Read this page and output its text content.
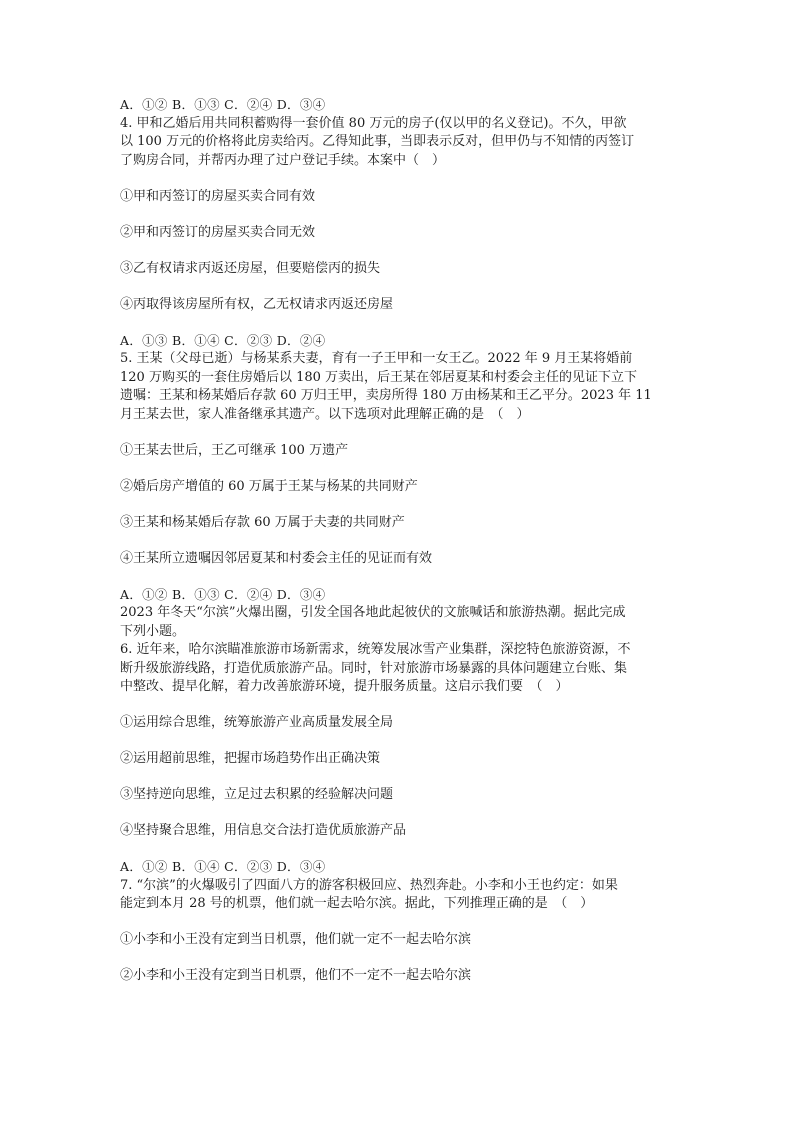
A．①② B．①③ C．②④ D．③④

4. 甲和乙婚后用共同积蓄购得一套价值 80 万元的房子(仅以甲的名义登记)。不久，甲欲

以 100 万元的价格将此房卖给丙。乙得知此事，当即表示反对，但甲仍与不知情的丙签订

了购房合同，并帮丙办理了过户登记手续。本案中（　）

①甲和丙签订的房屋买卖合同有效

②甲和丙签订的房屋买卖合同无效

③乙有权请求丙返还房屋，但要赔偿丙的损失

④丙取得该房屋所有权，乙无权请求丙返还房屋

A．①③ B．①④ C．②③ D．②④

5. 王某（父母已逝）与杨某系夫妻，育有一子王甲和一女王乙。2022 年 9 月王某将婚前

120 万购买的一套住房婚后以 180 万卖出，后王某在邻居夏某和村委会主任的见证下立下

遗嘱：王某和杨某婚后存款 60 万归王甲，卖房所得 180 万由杨某和王乙平分。2023 年 11

月王某去世，家人准备继承其遗产。以下选项对此理解正确的是　（　）

①王某去世后，王乙可继承 100 万遗产

②婚后房产增值的 60 万属于王某与杨某的共同财产

③王某和杨某婚后存款 60 万属于夫妻的共同财产

④王某所立遗嘱因邻居夏某和村委会主任的见证而有效

A．①② B．①③ C．②④ D．③④

2023 年冬天“尔滨”火爆出圈，引发全国各地此起彼伏的文旅喊话和旅游热潮。据此完成

下列小题。

6. 近年来，哈尔滨瞄准旅游市场新需求，统筹发展冰雪产业集群，深挖特色旅游资源，不

断升级旅游线路，打造优质旅游产品。同时，针对旅游市场暴露的具体问题建立台账、集

中整改、提早化解，着力改善旅游环境，提升服务质量。这启示我们要　（　）

①运用综合思维，统筹旅游产业高质量发展全局

②运用超前思维，把握市场趋势作出正确决策

③坚持逆向思维，立足过去积累的经验解决问题

④坚持聚合思维，用信息交合法打造优质旅游产品

A．①② B．①④ C．②③ D．③④

7. “尔滨”的火爆吸引了四面八方的游客积极回应、热烈奔赴。小李和小王也约定：如果

能定到本月 28 号的机票，他们就一起去哈尔滨。据此，下列推理正确的是　（　）

①小李和小王没有定到当日机票，他们就一定不一起去哈尔滨

②小李和小王没有定到当日机票，他们不一定不一起去哈尔滨
